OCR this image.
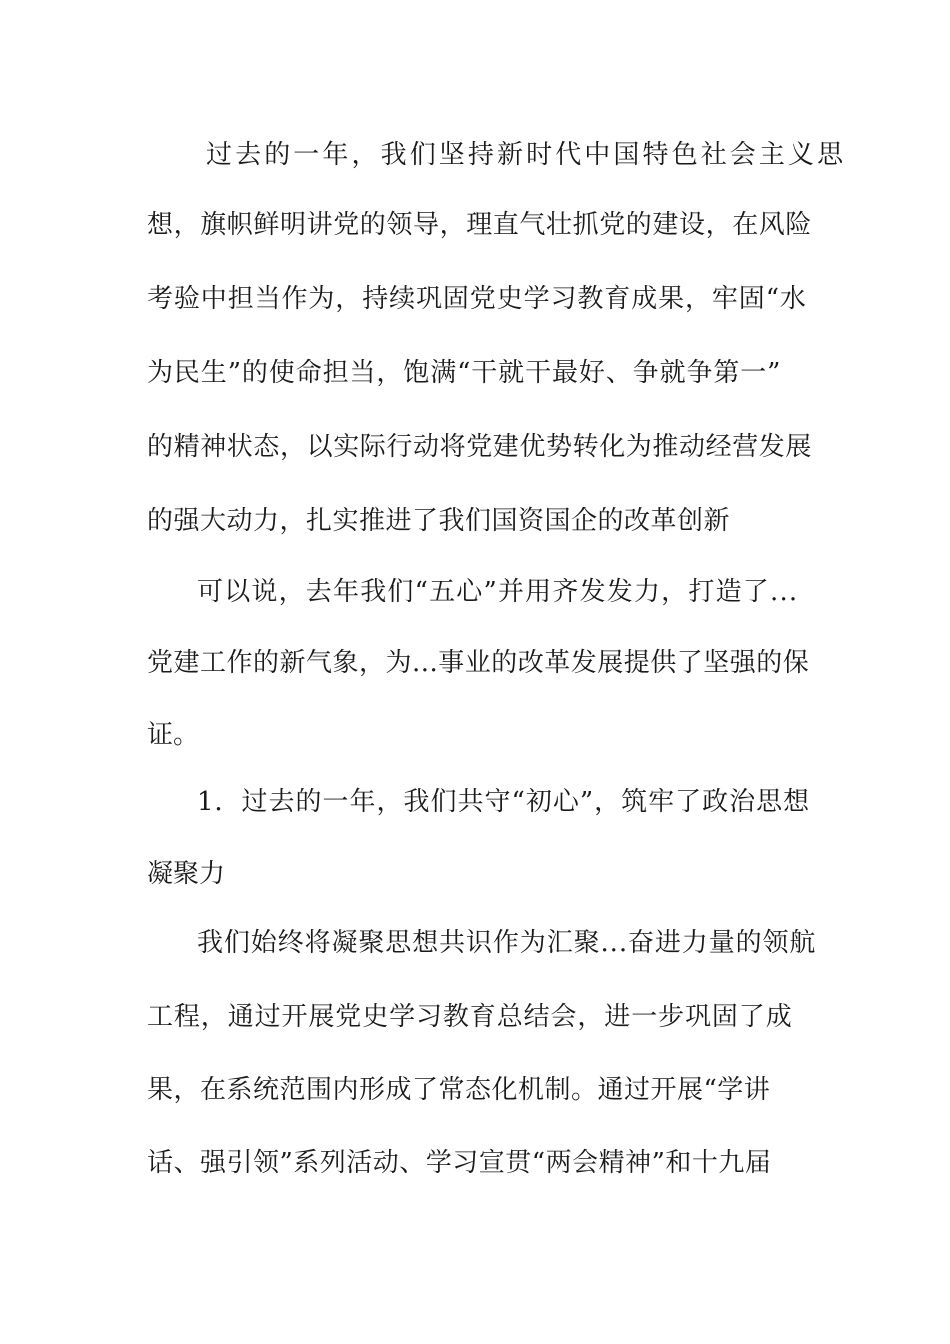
过去的一年，我们坚持新时代中国特色社会主义思
想，旗帜鲜明讲党的领导，理直气壮抓党的建设，在风险
考验中担当作为，持续巩固党史学习教育成果，牢固“水
为民生”的使命担当，饱满“干就干最好、争就争第一”
的精神状态，以实际行动将党建优势转化为推动经营发展
的强大动力，扎实推进了我们国资国企的改革创新
可以说，去年我们“五心”并用齐发发力，打造了...
党建工作的新气象，为...事业的改革发展提供了坚强的保
证。
1．过去的一年，我们共守“初心”，筑牢了政治思想
凝聚力
我们始终将凝聚思想共识作为汇聚...奋进力量的领航
工程，通过开展党史学习教育总结会，进一步巩固了成
果，在系统范围内形成了常态化机制。通过开展“学讲
话、强引领”系列活动、学习宣贯“两会精神”和十九届
